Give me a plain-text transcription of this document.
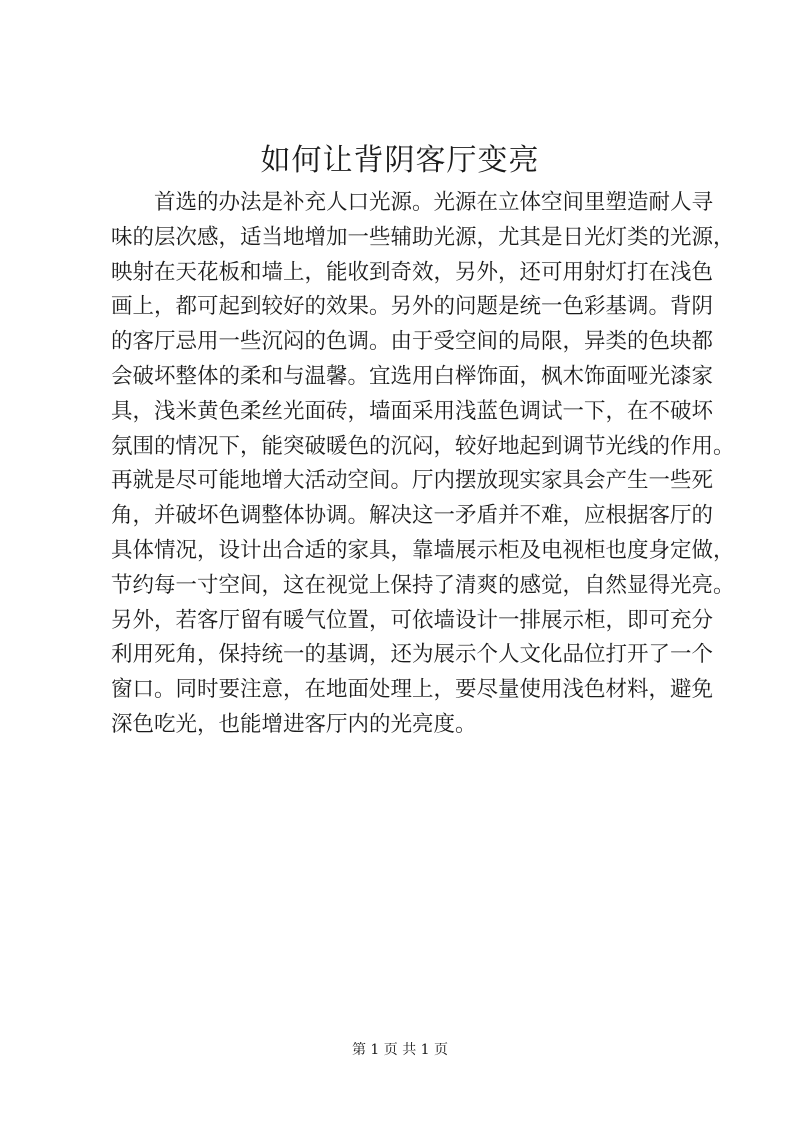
如何让背阴客厅变亮
首选的办法是补充人口光源。光源在立体空间里塑造耐人寻
味的层次感，适当地增加一些辅助光源，尤其是日光灯类的光源，
映射在天花板和墙上，能收到奇效，另外，还可用射灯打在浅色
画上，都可起到较好的效果。另外的问题是统一色彩基调。背阴
的客厅忌用一些沉闷的色调。由于受空间的局限，异类的色块都
会破坏整体的柔和与温馨。宜选用白榉饰面，枫木饰面哑光漆家
具，浅米黄色柔丝光面砖，墙面采用浅蓝色调试一下，在不破坏
氛围的情况下，能突破暖色的沉闷，较好地起到调节光线的作用。
再就是尽可能地增大活动空间。厅内摆放现实家具会产生一些死
角，并破坏色调整体协调。解决这一矛盾并不难，应根据客厅的
具体情况，设计出合适的家具，靠墙展示柜及电视柜也度身定做，
节约每一寸空间，这在视觉上保持了清爽的感觉，自然显得光亮。
另外，若客厅留有暖气位置，可依墙设计一排展示柜，即可充分
利用死角，保持统一的基调，还为展示个人文化品位打开了一个
窗口。同时要注意，在地面处理上，要尽量使用浅色材料，避免
深色吃光，也能增进客厅内的光亮度。
第 1 页 共 1 页
